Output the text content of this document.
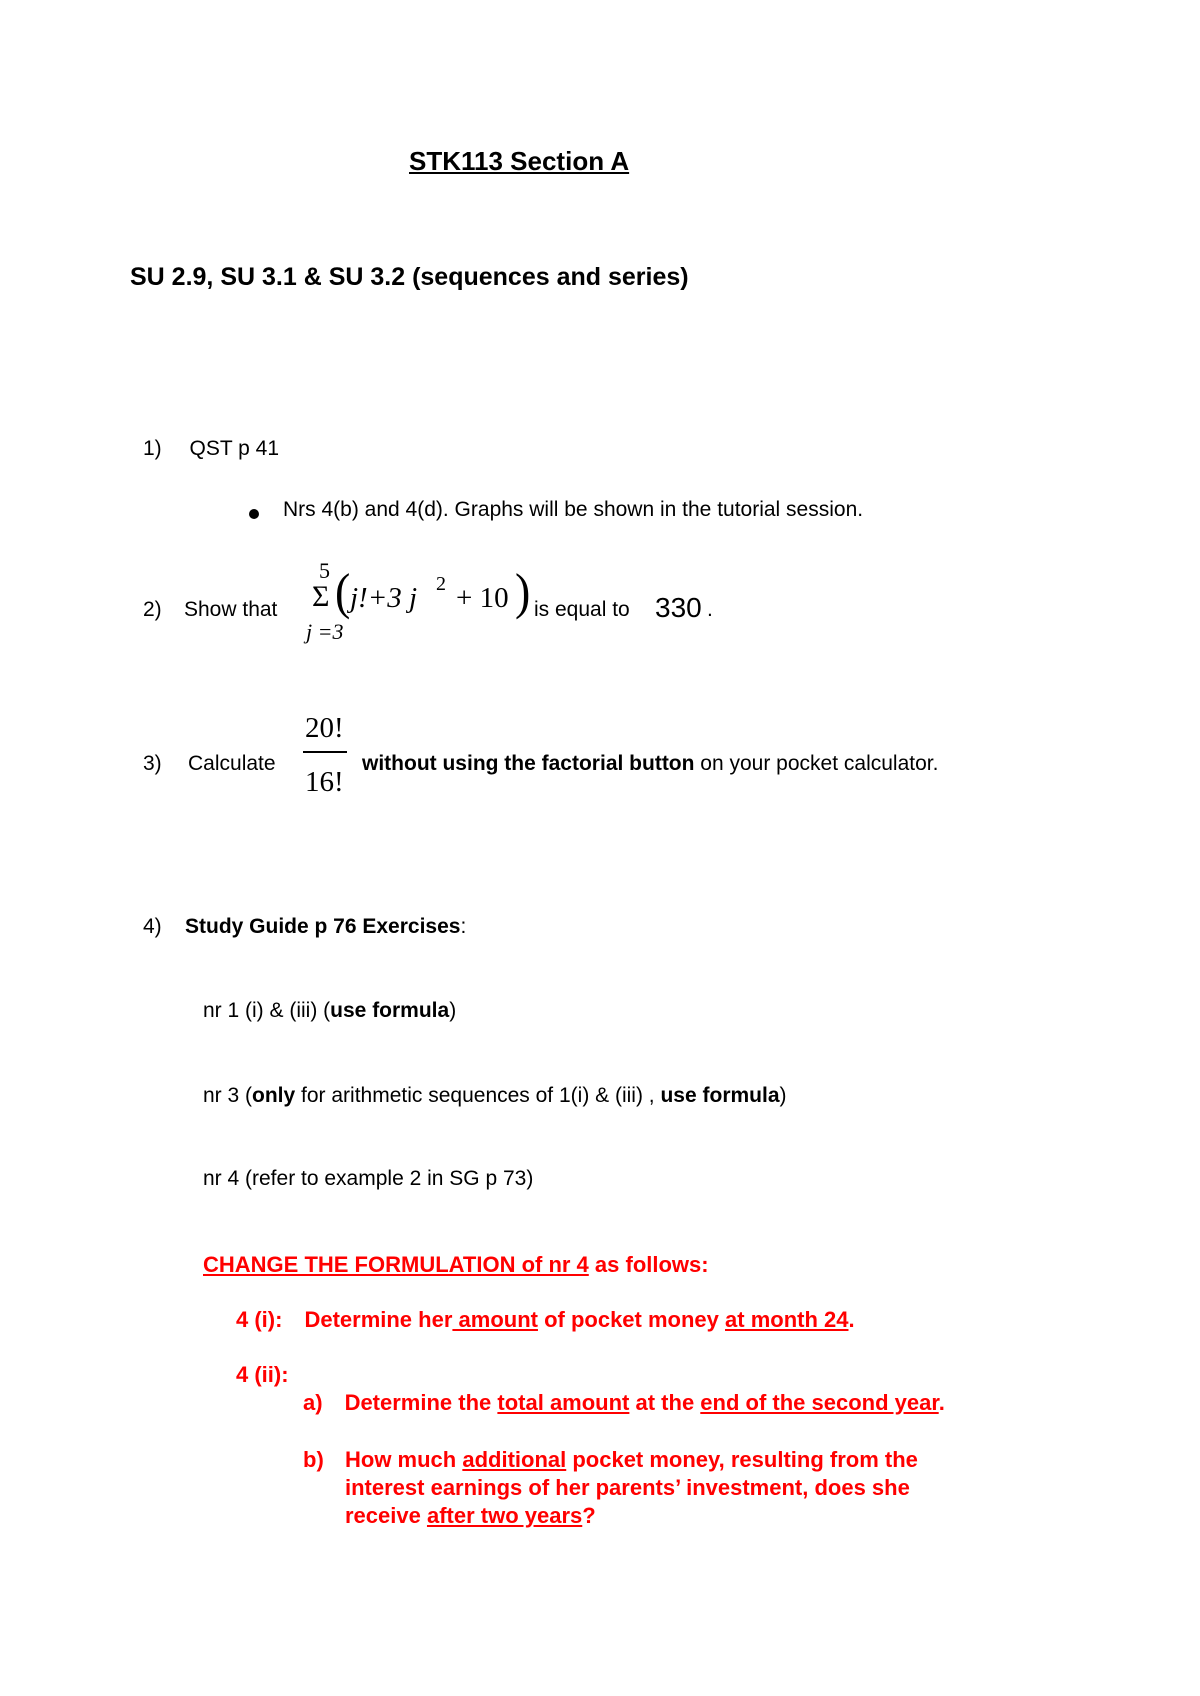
STK113 Section A
SU 2.9, SU 3.1 & SU 3.2 (sequences and series)
1) QST p 41
Nrs 4(b) and 4(d). Graphs will be shown in the tutorial session.
2) Show that
5
Σ
j =3
( j!+3 j 2 + 10 ) is equal to 330 .
3) Calculate
20!
16!
without using the factorial button on your pocket calculator.
4) Study Guide p 76 Exercises:
nr 1 (i) & (iii) (use formula)
nr 3 (only for arithmetic sequences of 1(i) & (iii) , use formula)
nr 4 (refer to example 2 in SG p 73)
CHANGE THE FORMULATION of nr 4 as follows:
4 (i): Determine her amount of pocket money at month 24.
4 (ii):
a) Determine the total amount at the end of the second year.
b) How much additional pocket money, resulting from the
interest earnings of her parents’ investment, does she
receive after two years?
